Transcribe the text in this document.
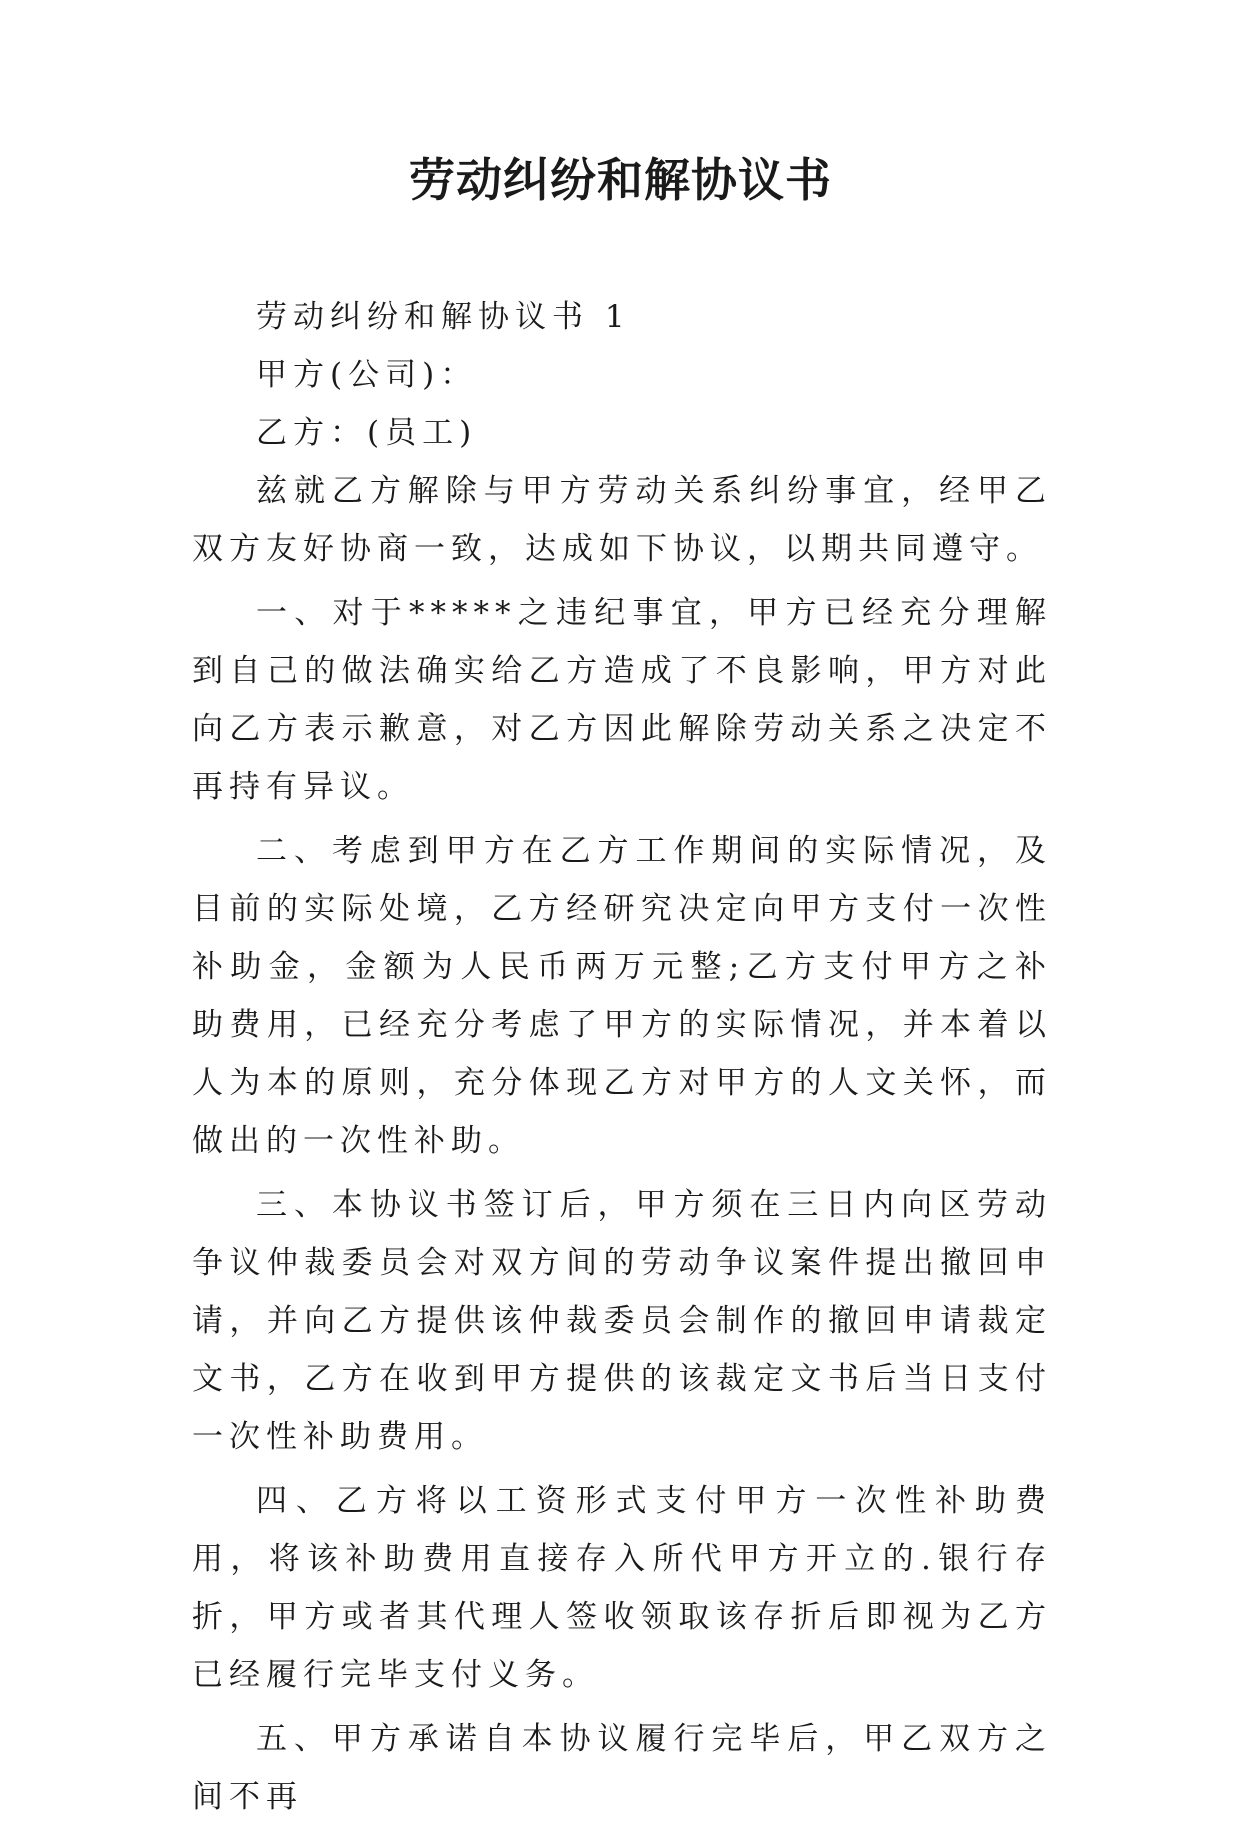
劳动纠纷和解协议书

劳动纠纷和解协议书 1

甲方(公司)：

乙方：(员工)

兹就乙方解除与甲方劳动关系纠纷事宜，经甲乙双方友好协商一致，达成如下协议，以期共同遵守。

一、对于*****之违纪事宜，甲方已经充分理解到自己的做法确实给乙方造成了不良影响，甲方对此向乙方表示歉意，对乙方因此解除劳动关系之决定不再持有异议。

二、考虑到甲方在乙方工作期间的实际情况，及目前的实际处境，乙方经研究决定向甲方支付一次性补助金，金额为人民币两万元整;乙方支付甲方之补助费用，已经充分考虑了甲方的实际情况，并本着以人为本的原则，充分体现乙方对甲方的人文关怀，而做出的一次性补助。

三、本协议书签订后，甲方须在三日内向区劳动争议仲裁委员会对双方间的劳动争议案件提出撤回申请，并向乙方提供该仲裁委员会制作的撤回申请裁定文书，乙方在收到甲方提供的该裁定文书后当日支付一次性补助费用。

四、乙方将以工资形式支付甲方一次性补助费用，将该补助费用直接存入所代甲方开立的.银行存折，甲方或者其代理人签收领取该存折后即视为乙方已经履行完毕支付义务。

五、甲方承诺自本协议履行完毕后，甲乙双方之间不再
